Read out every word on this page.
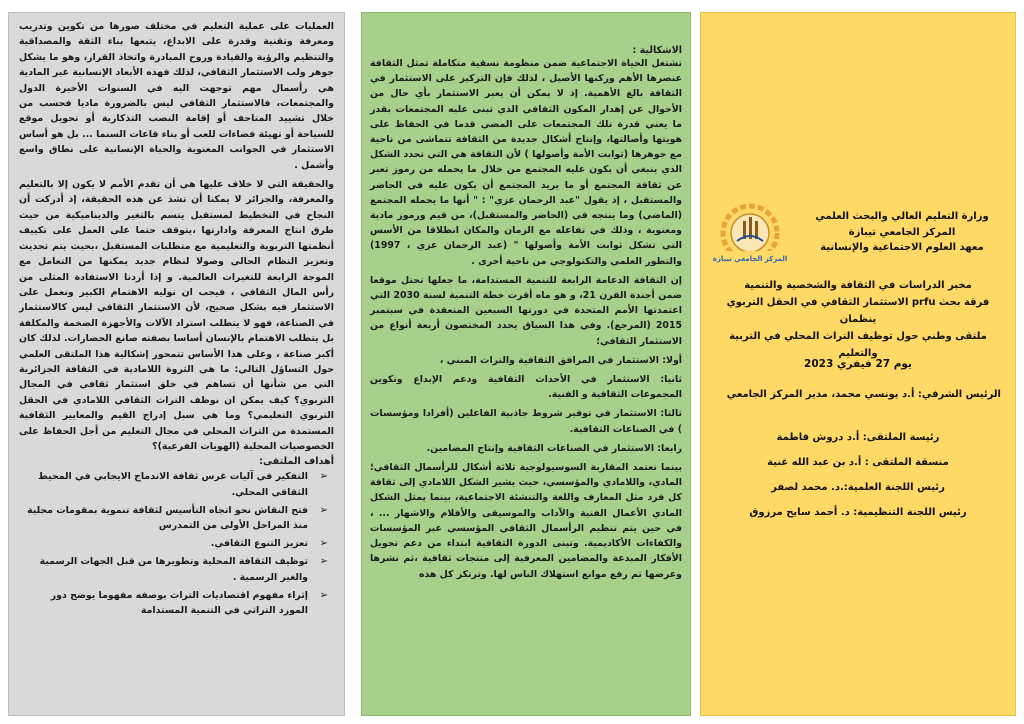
العمليات على عملية التعليم في مختلف صورها من تكوين وتدريب ومعرفة وتقنية وقدرة على الابداع، يتبعها بناء الثقة والمصداقية والتنظيم والرؤية والقيادة وروح المبادرة واتخاذ القرار، وهو ما يشكل جوهر ولب الاستثمار الثقافي، لذلك فهذه الأبعاد الإنسانية غير المادية هي رأسمال مهم توجهت اليه في السنوات الأخيرة الدول والمجتمعات، فالاستثمار الثقافي ليس بالضرورة ماديا فحسب من خلال تشييد المتاحف أو إقامة النصب التذكارية أو تحويل موقع للسياحة أو تهيئة فضاءات للعب أو بناء قاعات السنما ... بل هو أساس الاستثمار في الجوانب المعنوية والحياة الإنسانية على نطاق واسع وأشمل .

والحقيقة التي لا خلاف عليها هي أن تقدم الأمم لا يكون إلا بالتعليم والمعرفة، والجزائر لا يمكنا أن تشذ عن هذه الحقيقة، إذ أدركت أن النجاح في التخطيط لمستقبل يتسم بالتغير والديناميكية من حيث طرق انتاج المعرفة وادارتها ،يتوقف حتما على العمل على تكييف أنظمتها التربوية والتعليمية مع متطلبات المستقبل ،بحيث يتم تحديث وتعزيز النظام الحالي وصولا لنظام جديد يمكنها من التعامل مع الموجة الرابعة للتغيرات العالمية. و إذا أردنا الاستفادة المثلى من رأس المال الثقافي ، فيجب ان نوليه الاهتمام الكبير ونعمل على الاستثمار فيه بشكل صحيح، لأن الاستثمار الثقافي ليس كالاستثمار في الصناعة، فهو لا يتطلب استراد الآلات والأجهزة الضخمة والمكلفة بل يتطلب الاهتمام بالإنسان أساسا بصفته صانع الحضارات. لذلك كان أكبر صناعة ، وعلى هذا الأساس تتمحور إشكالية هذا الملتقى العلمي حول التساؤل التالي: ما هي الثروة اللامادية في الثقافة الجزائرية التي من شأنها أن تساهم في خلق استثمار ثقافي في المجال التربوي؟ كيف يمكن ان نوظف التراث الثقافي اللامادي في الحقل التربوي التعليمي؟ وما هي سبل إدراج القيم والمعايير الثقافية المستمدة من التراث المحلي في مجال التعليم من أجل الحفاظ على الخصوصيات المحلية (الهويات الفرعية)؟

أهداف الملتقى:
➢ التفكير في آليات غرس ثقافة الاندماج الايجابي في المحيط الثقافي المحلي.
➢ فتح النقاش نحو اتجاه التأسيس لثقافة تنموية بمقومات محلية منذ المراحل الأولى من التمدرس
➢ تعزيز التنوع الثقافي.
➢ توظيف الثقافة المحلية وتطويرها من قبل الجهات الرسمية والغير الرسمية .
➢ إثراء مفهوم اقتصاديات التراث بوصفه مفهوما يوضح دور المورد التراثي في التنمية المستدامة
الاشكالية :

تشتغل الحياة الاجتماعية ضمن منظومة نسقية متكاملة تمثل الثقافة عنصرها الأهم وركنها الأصيل ، لذلك فإن التركيز على الاستثمار في الثقافة بالغ الأهمية. إذ لا يمكن أن يعبر الاستثمار بأي حال من الأحوال عن إهدار المكون الثقافي الذي تبنى عليه المجتمعات بقدر ما يعني قدرة تلك المجتمعات على المضي قدما في الحفاظ على هويتها وأصالتها، وإنتاج أشكال جديدة من الثقافة تتماشى من ناحية مع جوهرها (ثوابت الأمة وأصولها ) لأن الثقافة هي التي تحدد الشكل الذي ينبغي أن يكون عليه المجتمع من خلال ما يحمله من رموز تعبر عن ثقافة المجتمع أو ما يريد المجتمع أن يكون عليه في الحاضر والمستقبل ، إذ يقول "عبد الرحمان عزي" : " أنها ما يحمله المجتمع (الماضي) وما ينتجه في (الحاضر والمستقبل)، من قيم ورموز مادية ومعنوية ، وذلك في تفاعله مع الزمان والمكان انطلاقا من الأسس التي تشكل ثوابت الأمة وأصولها " (عبد الرحمان عزي ، 1997) والتطور العلمي والتكنولوجي من ناحية أخرى .

إن الثقافة الدعامة الرابعة للتنمية المستدامة، ما جعلها تحتل موقعا ضمن أجندة القرن 21، و هو ماه أقرت خطة التنمية لسنة 2030 التي اعتمدتها الأمم المتحدة في دورتها السبعين المنعقدة في سبتمبر 2015 (المرجع). وفي هذا السياق يحدد المختصون أربعة أنواع من الاستثمار الثقافي؛

أولا: الاستثمار في المرافق الثقافية والتراث المبني ،

ثانيا: الاستثمار في الأحداث الثقافية ودعم الإبداع وتكوين المجموعات الثقافية و الفنية.

ثالثا: الاستثمار في توفير شروط جاذبية الفاعلين (أفرادا ومؤسسات ) في الصناعات الثقافية.

رابعا: الاستثمار في الصناعات الثقافية وإنتاج المضامين.

بينما تعتمد المقاربة السوسيولوجية ثلاثة أشكال للرأسمال الثقافي؛ المادي، واللامادي والمؤسسي، حيث يشير الشكل اللامادي إلى ثقافة كل فرد مثل المعارف واللغة والتنشئة الاجتماعية، بينما يمثل الشكل المادي الأعمال الفنية والآداب والموسيقى والأفلام والاشهار ... ، في حين يتم تنظيم الرأسمال الثقافي المؤسسي عبر المؤسسات والكفاءات الأكاديمية. وتبنى الدورة الثقافية ابتداء من دعم تحويل الأفكار المبدعة والمضامين المعرفية إلى منتجات ثقافية ،ثم نشرها وعرضها ثم رفع موانع استهلاك الناس لها. وترتكز كل هذه

المركز الجامعي تيبازة
وزارة التعليم العالي والبحث العلمي
المركز الجامعي تيبازة
معهد العلوم الاجتماعية والإنسانية
مخبر الدراسات في الثقافة والشخصية والتنمية
فرقة بحث prfu الاستثمار الثقافي في الحقل التربوي
ينظمان
ملتقى وطني حول توظيف التراث المحلي في التربية والتعليم
يوم 27 فيفري 2023
الرئيس الشرفي: أ.د يونسي محمد، مدير المركز الجامعي
رئيسة الملتقى: أ.د دروش فاطمة
منسقة الملتقى : أ.د بن عبد الله غنية
رئيس اللجنة العلمية:.د. محمد لصفر
رئيس اللجنة التنظيمية: د. أحمد سايح مرزوق
